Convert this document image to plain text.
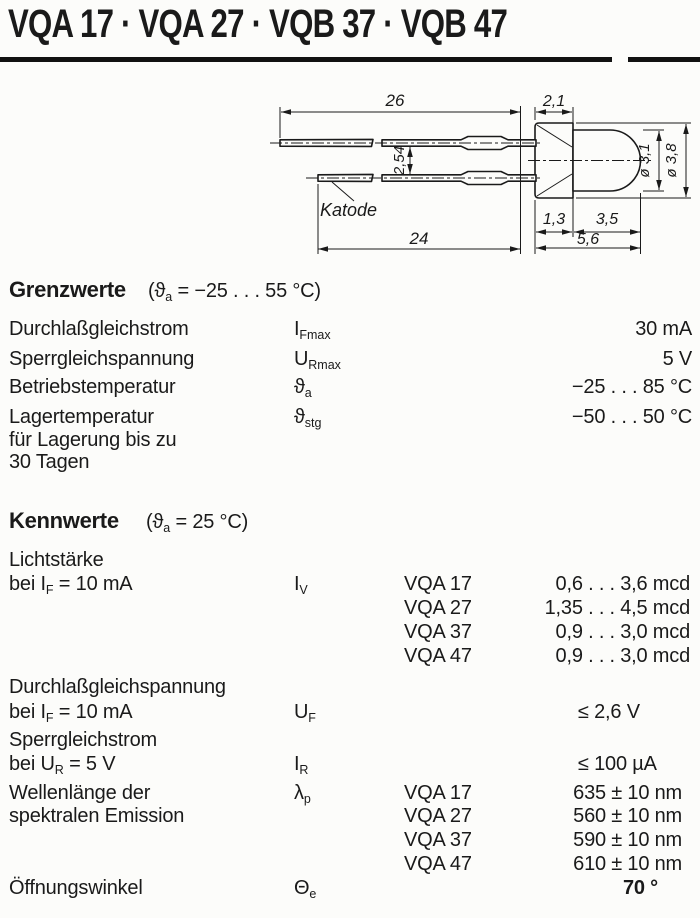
VQA 17 · VQA 27 · VQB 37 · VQB 47
26	2,1
2,54
Katode
24
1,3 3,5
5,6
ø 3,1 ø 3,8
Grenzwerte ($ϑ_a = -25$ . . . 55 °C)
Durchlaßgleichstrom	$I_{Fmax}$	30 mA
Sperrgleichspannung	$U_{Rmax}$	5 V
Betriebstemperatur	$ϑ_a$	−25 . . . 85 °C
Lagertemperatur
für Lagerung bis zu
30 Tagen
$ϑ_{stg}$	−50 . . . 50 °C
Kennwerte ($ϑ_a = 25$ °C)
Lichtstärke
bei $I_F = 10$ mA	$I_V$	VQA 17	0,6 . . . 3,6 mcd
VQA 27	1,35 . . . 4,5 mcd
VQA 37	0,9 . . . 3,0 mcd
VQA 47	0,9 . . . 3,0 mcd
Durchlaßgleichspannung
bei $I_F = 10$ mA	$U_F$	≤ 2,6 V
Sperrgleichstrom
bei $U_R = 5$ V	$I_R$	≤ 100 µA
Wellenlänge der
spektralen Emission
$\lambda_p$	VQA 17	635 ± 10 nm
VQA 27	560 ± 10 nm
VQA 37	590 ± 10 nm
VQA 47	610 ± 10 nm
Öffnungswinkel	$\Theta_e$	70 °
